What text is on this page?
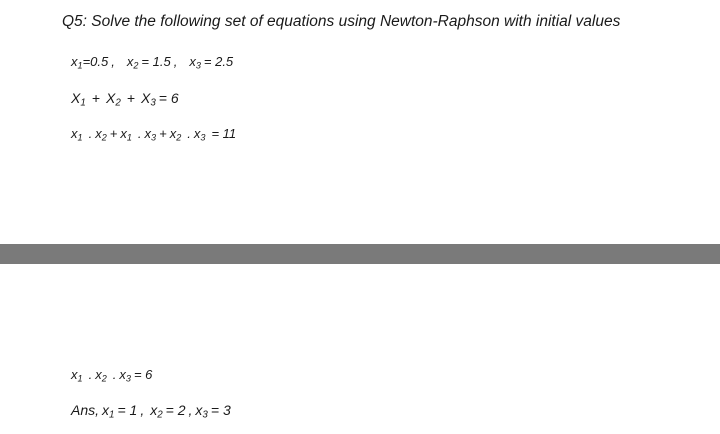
Q5: Solve the following set of equations using Newton-Raphson with initial values
$x_1=0.5$ , $x_2 = 1.5$ , $x_3 = 2.5$
$X_1 + X_2 + X_3 = 6$
$x_1$ . $x_2 + x_1$ . $x_3 + x_2$ . $x_3 = 11$
$x_1$ . $x_2$ . $x_3 = 6$
Ans, $x_1 = 1$ , $x_2 = 2$ , $x_3 = 3$
